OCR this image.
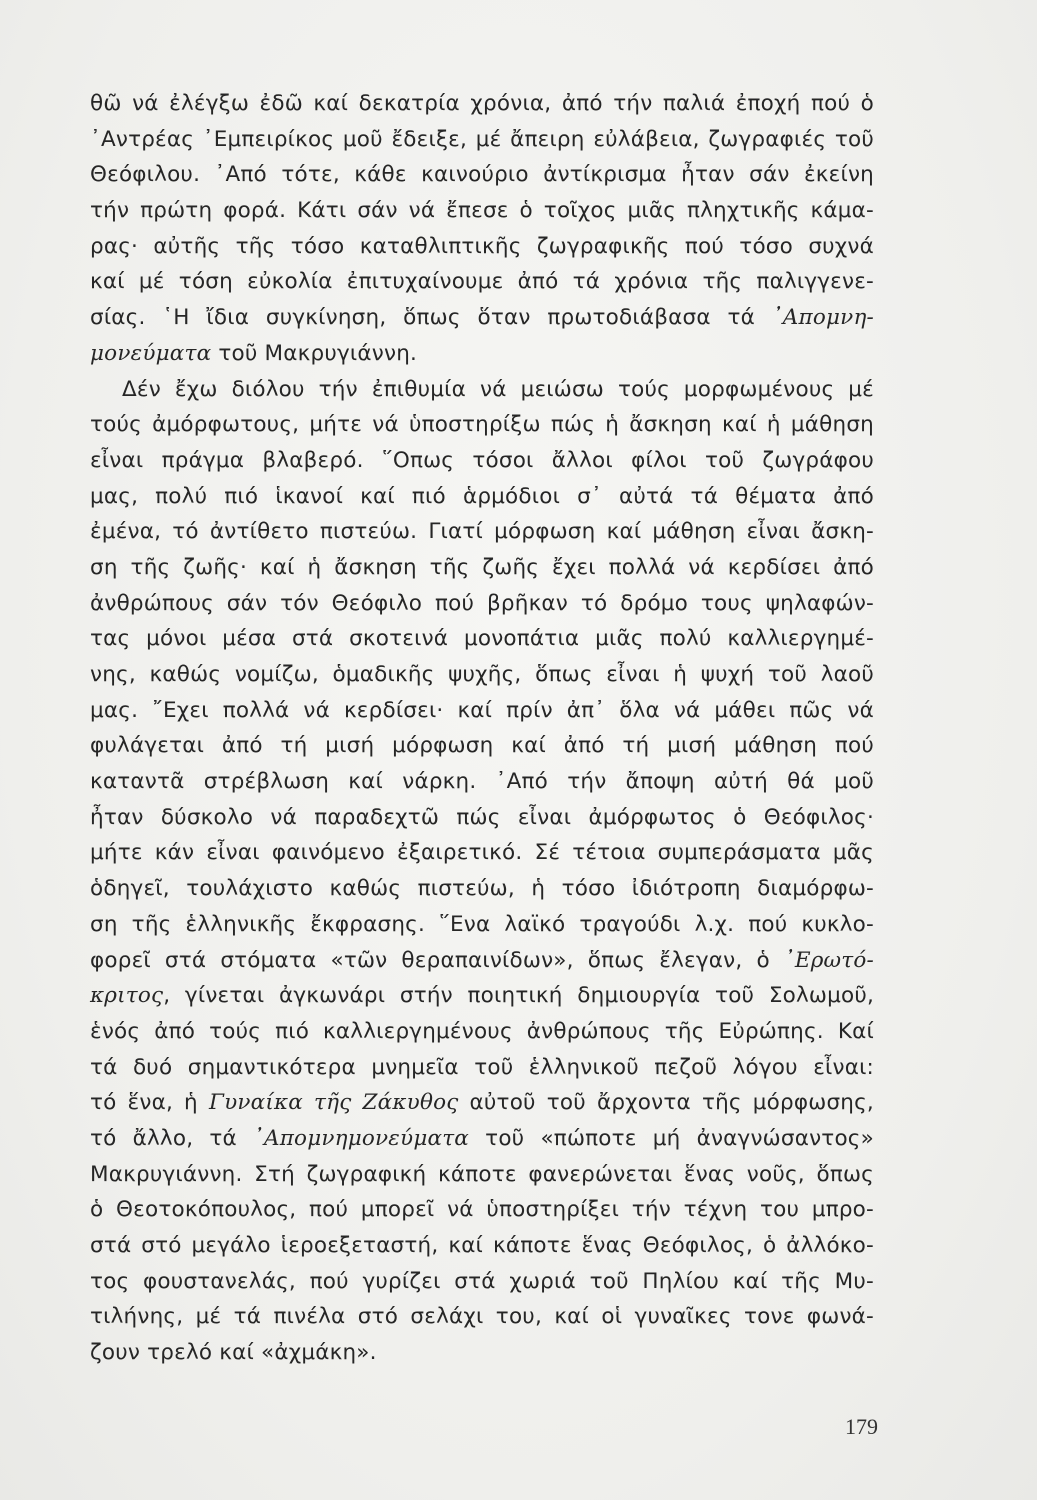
θῶ νά ἐλέγξω ἐδῶ καί δεκατρία χρόνια, ἀπό τήν παλιά ἐποχή πού ὁ
᾿Αντρέας ᾿Εμπειρίκος μοῦ ἔδειξε, μέ ἄπειρη εὐλάβεια, ζωγραφιές τοῦ
Θεόφιλου. ᾿Από τότε, κάθε καινούριο ἀντίκρισμα ἦταν σάν ἐκείνη
τήν πρώτη φορά. Κάτι σάν νά ἔπεσε ὁ τοῖχος μιᾶς πληχτικῆς κάμα-
ρας· αὐτῆς τῆς τόσο καταθλιπτικῆς ζωγραφικῆς πού τόσο συχνά
καί μέ τόση εὐκολία ἐπιτυχαίνουμε ἀπό τά χρόνια τῆς παλιγγενε-
σίας. ῾Η ἴδια συγκίνηση, ὅπως ὅταν πρωτοδιάβασα τά ᾿Απομνη-
μονεύματα τοῦ Μακρυγιάννη.
Δέν ἔχω διόλου τήν ἐπιθυμία νά μειώσω τούς μορφωμένους μέ
τούς ἀμόρφωτους, μήτε νά ὑποστηρίξω πώς ἡ ἄσκηση καί ἡ μάθηση
εἶναι πράγμα βλαβερό. ῞Οπως τόσοι ἄλλοι φίλοι τοῦ ζωγράφου
μας, πολύ πιό ἱκανοί καί πιό ἁρμόδιοι σ᾿ αὐτά τά θέματα ἀπό
ἐμένα, τό ἀντίθετο πιστεύω. Γιατί μόρφωση καί μάθηση εἶναι ἄσκη-
ση τῆς ζωῆς· καί ἡ ἄσκηση τῆς ζωῆς ἔχει πολλά νά κερδίσει ἀπό
ἀνθρώπους σάν τόν Θεόφιλο πού βρῆκαν τό δρόμο τους ψηλαφών-
τας μόνοι μέσα στά σκοτεινά μονοπάτια μιᾶς πολύ καλλιεργημέ-
νης, καθώς νομίζω, ὁμαδικῆς ψυχῆς, ὅπως εἶναι ἡ ψυχή τοῦ λαοῦ
μας. ῎Εχει πολλά νά κερδίσει· καί πρίν ἀπ᾿ ὅλα νά μάθει πῶς νά
φυλάγεται ἀπό τή μισή μόρφωση καί ἀπό τή μισή μάθηση πού
καταντᾶ στρέβλωση καί νάρκη. ᾿Από τήν ἄποψη αὐτή θά μοῦ
ἦταν δύσκολο νά παραδεχτῶ πώς εἶναι ἀμόρφωτος ὁ Θεόφιλος·
μήτε κάν εἶναι φαινόμενο ἐξαιρετικό. Σέ τέτοια συμπεράσματα μᾶς
ὁδηγεῖ, τουλάχιστο καθώς πιστεύω, ἡ τόσο ἰδιότροπη διαμόρφω-
ση τῆς ἑλληνικῆς ἔκφρασης. ῞Ενα λαϊκό τραγούδι λ.χ. πού κυκλο-
φορεῖ στά στόματα «τῶν θεραπαινίδων», ὅπως ἔλεγαν, ὁ ᾿Ερωτό-
κριτος, γίνεται ἀγκωνάρι στήν ποιητική δημιουργία τοῦ Σολωμοῦ,
ἑνός ἀπό τούς πιό καλλιεργημένους ἀνθρώπους τῆς Εὐρώπης. Καί
τά δυό σημαντικότερα μνημεῖα τοῦ ἑλληνικοῦ πεζοῦ λόγου εἶναι:
τό ἕνα, ἡ Γυναίκα τῆς Ζάκυθος αὐτοῦ τοῦ ἄρχοντα τῆς μόρφωσης,
τό ἄλλο, τά ᾿Απομνημονεύματα τοῦ «πώποτε μή ἀναγνώσαντος»
Μακρυγιάννη. Στή ζωγραφική κάποτε φανερώνεται ἕνας νοῦς, ὅπως
ὁ Θεοτοκόπουλος, πού μπορεῖ νά ὑποστηρίξει τήν τέχνη του μπρο-
στά στό μεγάλο ἱεροεξεταστή, καί κάποτε ἕνας Θεόφιλος, ὁ ἀλλόκο-
τος φουστανελάς, πού γυρίζει στά χωριά τοῦ Πηλίου καί τῆς Μυ-
τιλήνης, μέ τά πινέλα στό σελάχι του, καί οἱ γυναῖκες τονε φωνά-
ζουν τρελό καί «ἀχμάκη».
179
